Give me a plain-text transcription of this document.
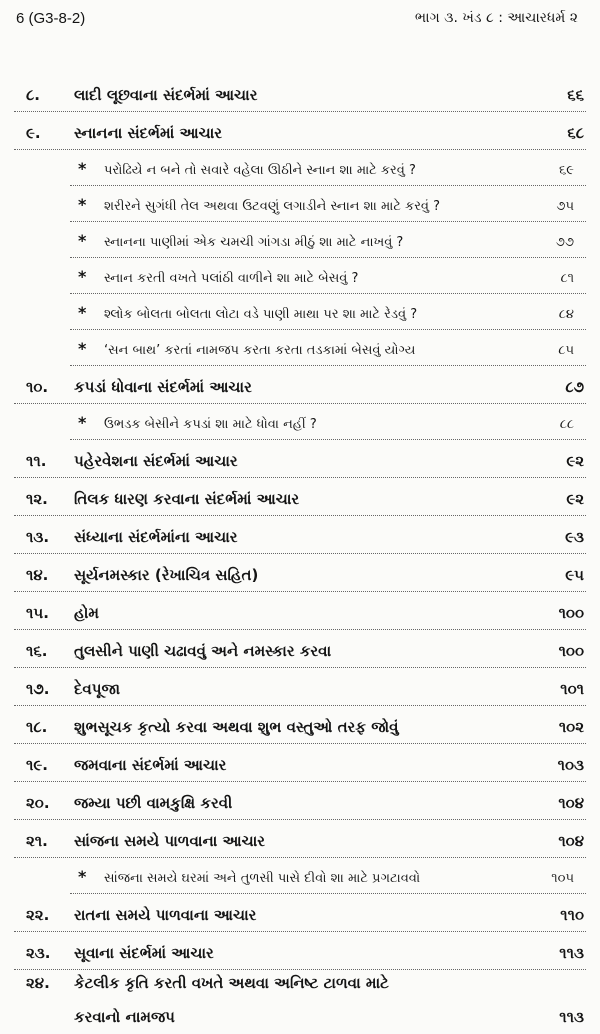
6 (G3-8-2)	ભાગ ૩. ખંડ ૮ : આચારધર્મ ૨
૮.	લાદી લૂછવાના સંદર્ભમાં આચાર	૬૬
૯.	સ્નાનના સંદર્ભમાં આચાર	૬૮
* પરોઢિયે ન બને તો સવારે વહેલા ઊઠીને સ્નાન શા માટે કરવું ?	૬૯
* શરીરને સુગંધી તેલ અથવા ઉટવણું લગાડીને સ્નાન શા માટે કરવું ?	૭૫
* સ્નાનના પાણીમાં એક ચમચી ગાંગડા મીઠું શા માટે નાખવું ?	૭૭
* સ્નાન કરતી વખતે પલાંઠી વાળીને શા માટે બેસવું ?	૮૧
* શ્લોક બોલતા બોલતા લોટા વડે પાણી માથા પર શા માટે રેડવું ?	૮૪
* ‘સન બાથ’ કરતાં નામજપ કરતા કરતા તડકામાં બેસવું યોગ્ય	૮૫
૧૦.	કપડાં ધોવાના સંદર્ભમાં આચાર	૮૭
* ઉભડક બેસીને કપડાં શા માટે ધોવા નહીં ?	૮૮
૧૧.	પહેરવેશના સંદર્ભમાં આચાર	૯૨
૧૨.	તિલક ધારણ કરવાના સંદર્ભમાં આચાર	૯૨
૧૩.	સંધ્યાના સંદર્ભમાંના આચાર	૯૩
૧૪.	સૂર્યનમસ્કાર (રેખાચિત્ર સહિત)	૯૫
૧૫.	હોમ	૧૦૦
૧૬.	તુલસીને પાણી ચઢાવવું અને નમસ્કાર કરવા	૧૦૦
૧૭.	દેવપૂજા	૧૦૧
૧૮.	શુભસૂચક કૃત્યો કરવા અથવા શુભ વસ્તુઓ તરફ જોવું	૧૦૨
૧૯.	જમવાના સંદર્ભમાં આચાર	૧૦૩
૨૦.	જમ્યા પછી વામકુક્ષિ કરવી	૧૦૪
૨૧.	સાંજના સમયે પાળવાના આચાર	૧૦૪
* સાંજના સમયે ઘરમાં અને તુળસી પાસે દીવો શા માટે પ્રગટાવવો	૧૦૫
૨૨.	રાતના સમયે પાળવાના આચાર	૧૧૦
૨૩.	સૂવાના સંદર્ભમાં આચાર	૧૧૩
૨૪.	કેટલીક કૃતિ કરતી વખતે અથવા અનિષ્ટ ટાળવા માટે
કરવાનો નામજપ	૧૧૩
